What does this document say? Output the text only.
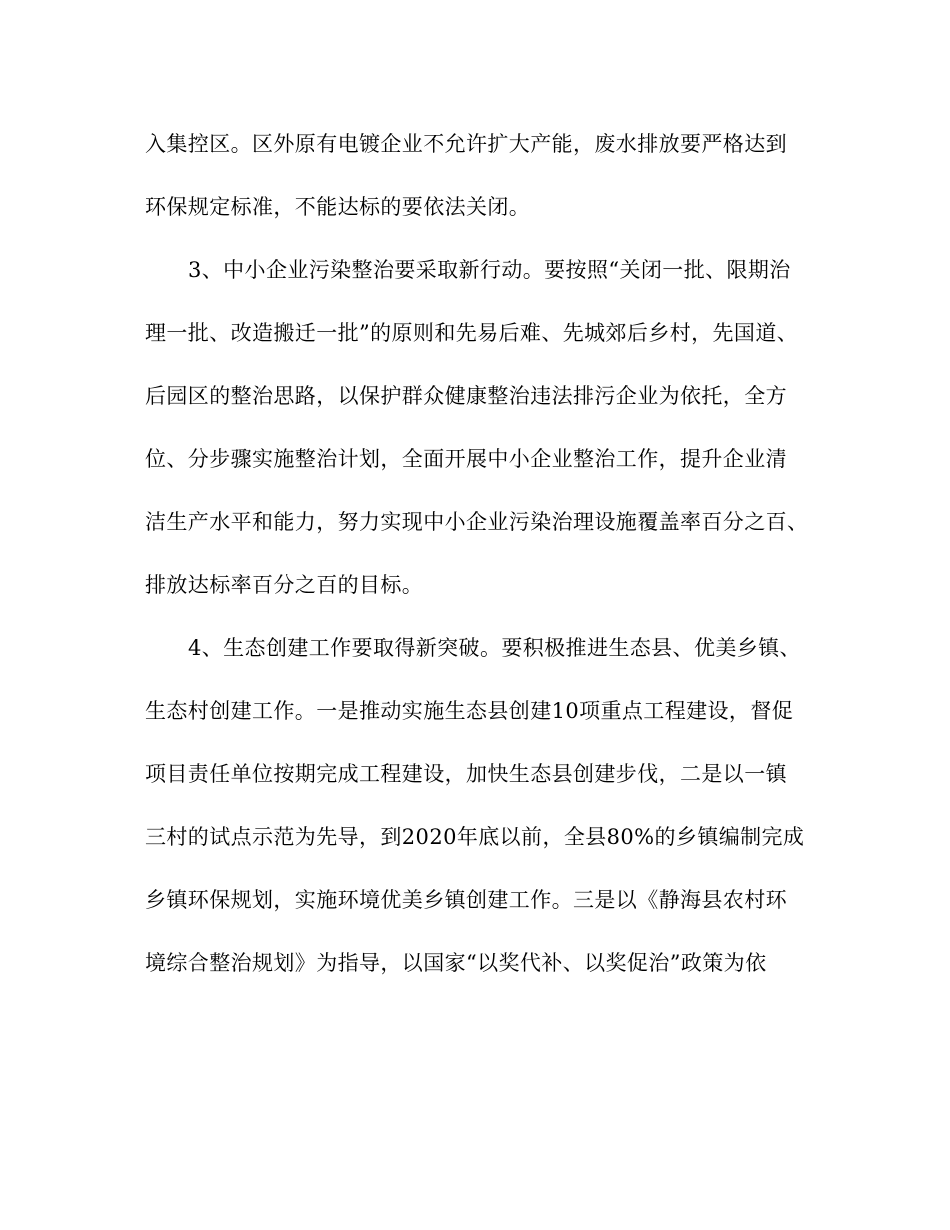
入集控区。区外原有电镀企业不允许扩大产能，废水排放要严格达到
环保规定标准，不能达标的要依法关闭。
3、中小企业污染整治要采取新行动。要按照“关闭一批、限期治
理一批、改造搬迁一批”的原则和先易后难、先城郊后乡村，先国道、
后园区的整治思路，以保护群众健康整治违法排污企业为依托，全方
位、分步骤实施整治计划，全面开展中小企业整治工作，提升企业清
洁生产水平和能力，努力实现中小企业污染治理设施覆盖率百分之百、
排放达标率百分之百的目标。
4、生态创建工作要取得新突破。要积极推进生态县、优美乡镇、
生态村创建工作。一是推动实施生态县创建10项重点工程建设，督促
项目责任单位按期完成工程建设，加快生态县创建步伐，二是以一镇
三村的试点示范为先导，到2020年底以前，全县80%的乡镇编制完成
乡镇环保规划，实施环境优美乡镇创建工作。三是以《静海县农村环
境综合整治规划》为指导，以国家“以奖代补、以奖促治”政策为依
